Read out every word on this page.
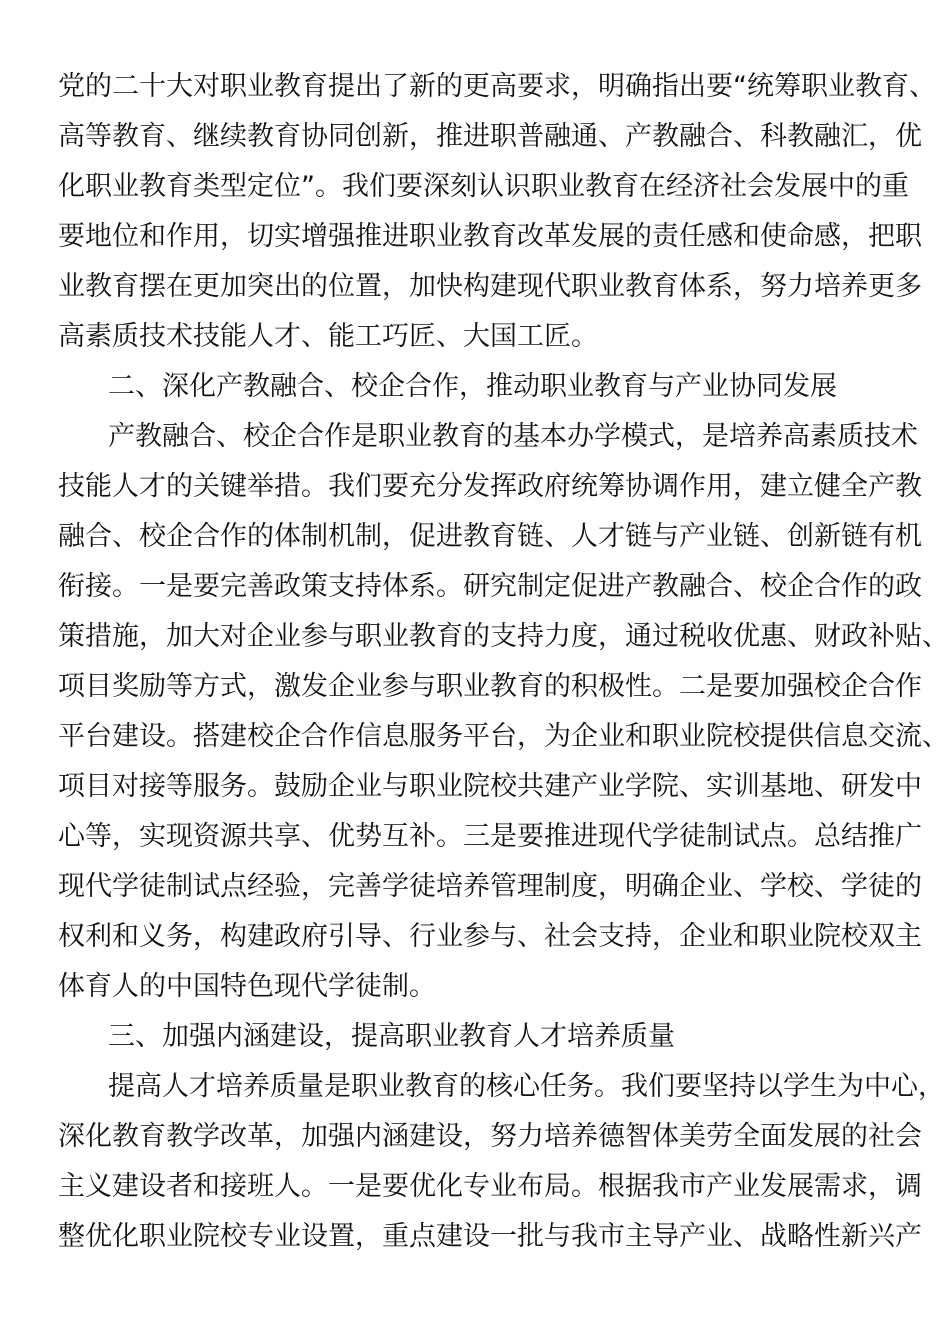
党的二十大对职业教育提出了新的更高要求，明确指出要“统筹职业教育、
高等教育、继续教育协同创新，推进职普融通、产教融合、科教融汇，优
化职业教育类型定位”。我们要深刻认识职业教育在经济社会发展中的重
要地位和作用，切实增强推进职业教育改革发展的责任感和使命感，把职
业教育摆在更加突出的位置，加快构建现代职业教育体系，努力培养更多
高素质技术技能人才、能工巧匠、大国工匠。
二、深化产教融合、校企合作，推动职业教育与产业协同发展
产教融合、校企合作是职业教育的基本办学模式，是培养高素质技术
技能人才的关键举措。我们要充分发挥政府统筹协调作用，建立健全产教
融合、校企合作的体制机制，促进教育链、人才链与产业链、创新链有机
衔接。一是要完善政策支持体系。研究制定促进产教融合、校企合作的政
策措施，加大对企业参与职业教育的支持力度，通过税收优惠、财政补贴、
项目奖励等方式，激发企业参与职业教育的积极性。二是要加强校企合作
平台建设。搭建校企合作信息服务平台，为企业和职业院校提供信息交流、
项目对接等服务。鼓励企业与职业院校共建产业学院、实训基地、研发中
心等，实现资源共享、优势互补。三是要推进现代学徒制试点。总结推广
现代学徒制试点经验，完善学徒培养管理制度，明确企业、学校、学徒的
权利和义务，构建政府引导、行业参与、社会支持，企业和职业院校双主
体育人的中国特色现代学徒制。
三、加强内涵建设，提高职业教育人才培养质量
提高人才培养质量是职业教育的核心任务。我们要坚持以学生为中心，
深化教育教学改革，加强内涵建设，努力培养德智体美劳全面发展的社会
主义建设者和接班人。一是要优化专业布局。根据我市产业发展需求，调
整优化职业院校专业设置，重点建设一批与我市主导产业、战略性新兴产
